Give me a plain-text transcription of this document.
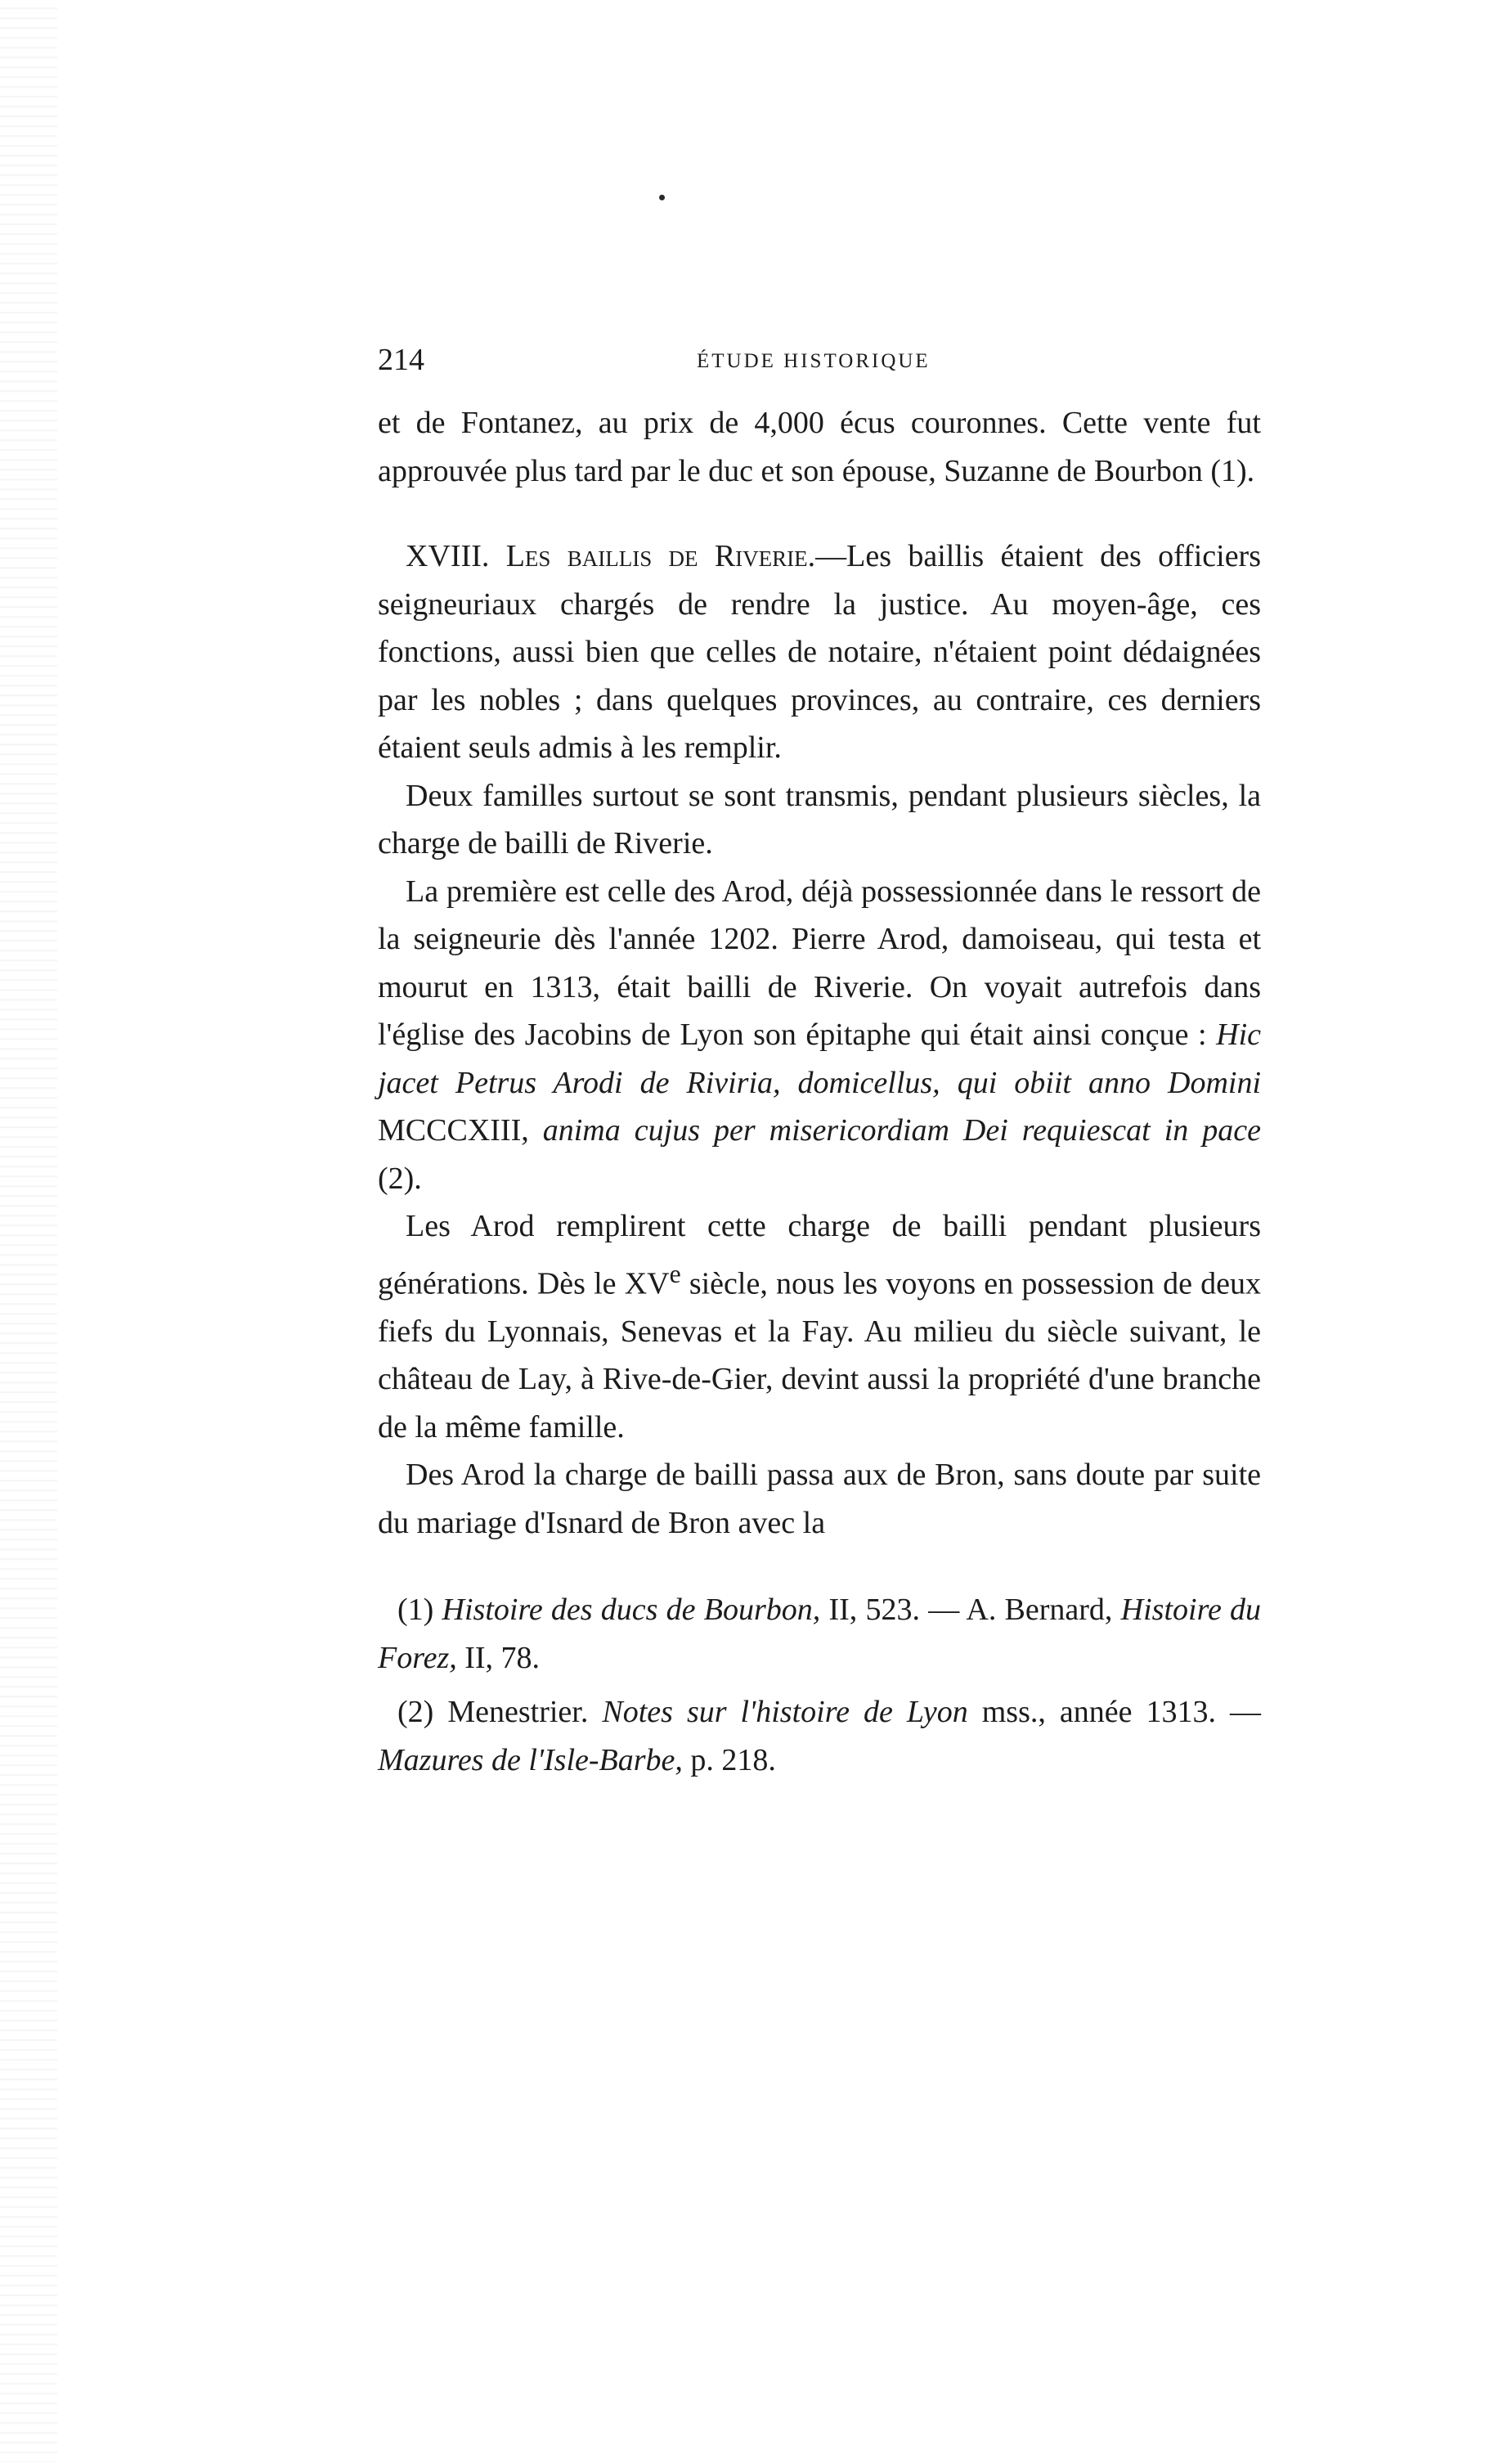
214	ÉTUDE HISTORIQUE

et de Fontanez, au prix de 4,000 écus couronnes. Cette vente fut approuvée plus tard par le duc et son épouse, Suzanne de Bourbon (1).

XVIII. Les baillis de Riverie.—Les baillis étaient des officiers seigneuriaux chargés de rendre la justice. Au moyen-âge, ces fonctions, aussi bien que celles de notaire, n'étaient point dédaignées par les nobles ; dans quelques provinces, au contraire, ces derniers étaient seuls admis à les remplir.

Deux familles surtout se sont transmis, pendant plusieurs siècles, la charge de bailli de Riverie.

La première est celle des Arod, déjà possessionnée dans le ressort de la seigneurie dès l'année 1202. Pierre Arod, damoiseau, qui testa et mourut en 1313, était bailli de Riverie. On voyait autrefois dans l'église des Jacobins de Lyon son épitaphe qui était ainsi conçue : Hic jacet Petrus Arodi de Riviria, domicellus, qui obiit anno Domini MCCCXIII, anima cujus per misericordiam Dei requiescat in pace (2).

Les Arod remplirent cette charge de bailli pendant plusieurs générations. Dès le XVe siècle, nous les voyons en possession de deux fiefs du Lyonnais, Senevas et la Fay. Au milieu du siècle suivant, le château de Lay, à Rive-de-Gier, devint aussi la propriété d'une branche de la même famille.

Des Arod la charge de bailli passa aux de Bron, sans doute par suite du mariage d'Isnard de Bron avec la

(1) Histoire des ducs de Bourbon, II, 523. — A. Bernard, Histoire du Forez, II, 78.

(2) Menestrier. Notes sur l'histoire de Lyon mss., année 1313. — Mazures de l'Isle-Barbe, p. 218.
